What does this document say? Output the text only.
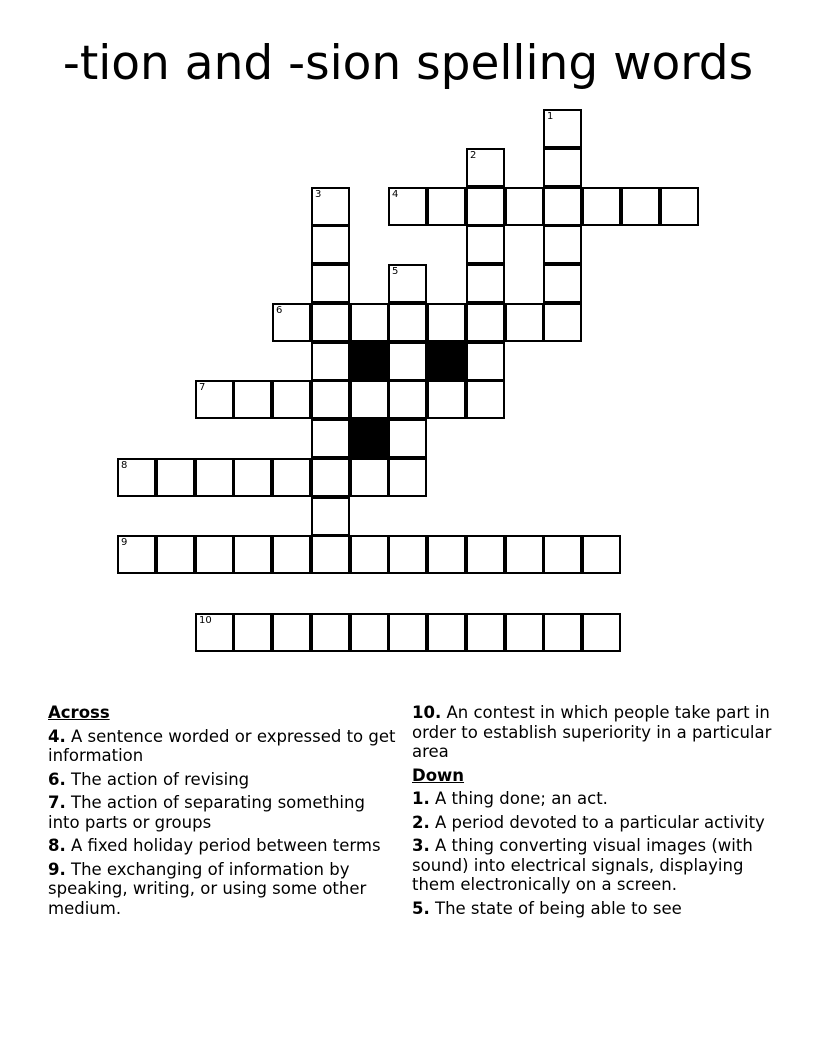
-tion and -sion spelling words
1
2
3	4
5
6
7
8
9
10
Across
4. A sentence worded or expressed to get information
6. The action of revising
7. The action of separating something into parts or groups
8. A fixed holiday period between terms
9. The exchanging of information by speaking, writing, or using some other medium.
10. An contest in which people take part in order to establish superiority in a particular area
Down
1. A thing done; an act.
2. A period devoted to a particular activity
3. A thing converting visual images (with sound) into electrical signals, displaying them electronically on a screen.
5. The state of being able to see
